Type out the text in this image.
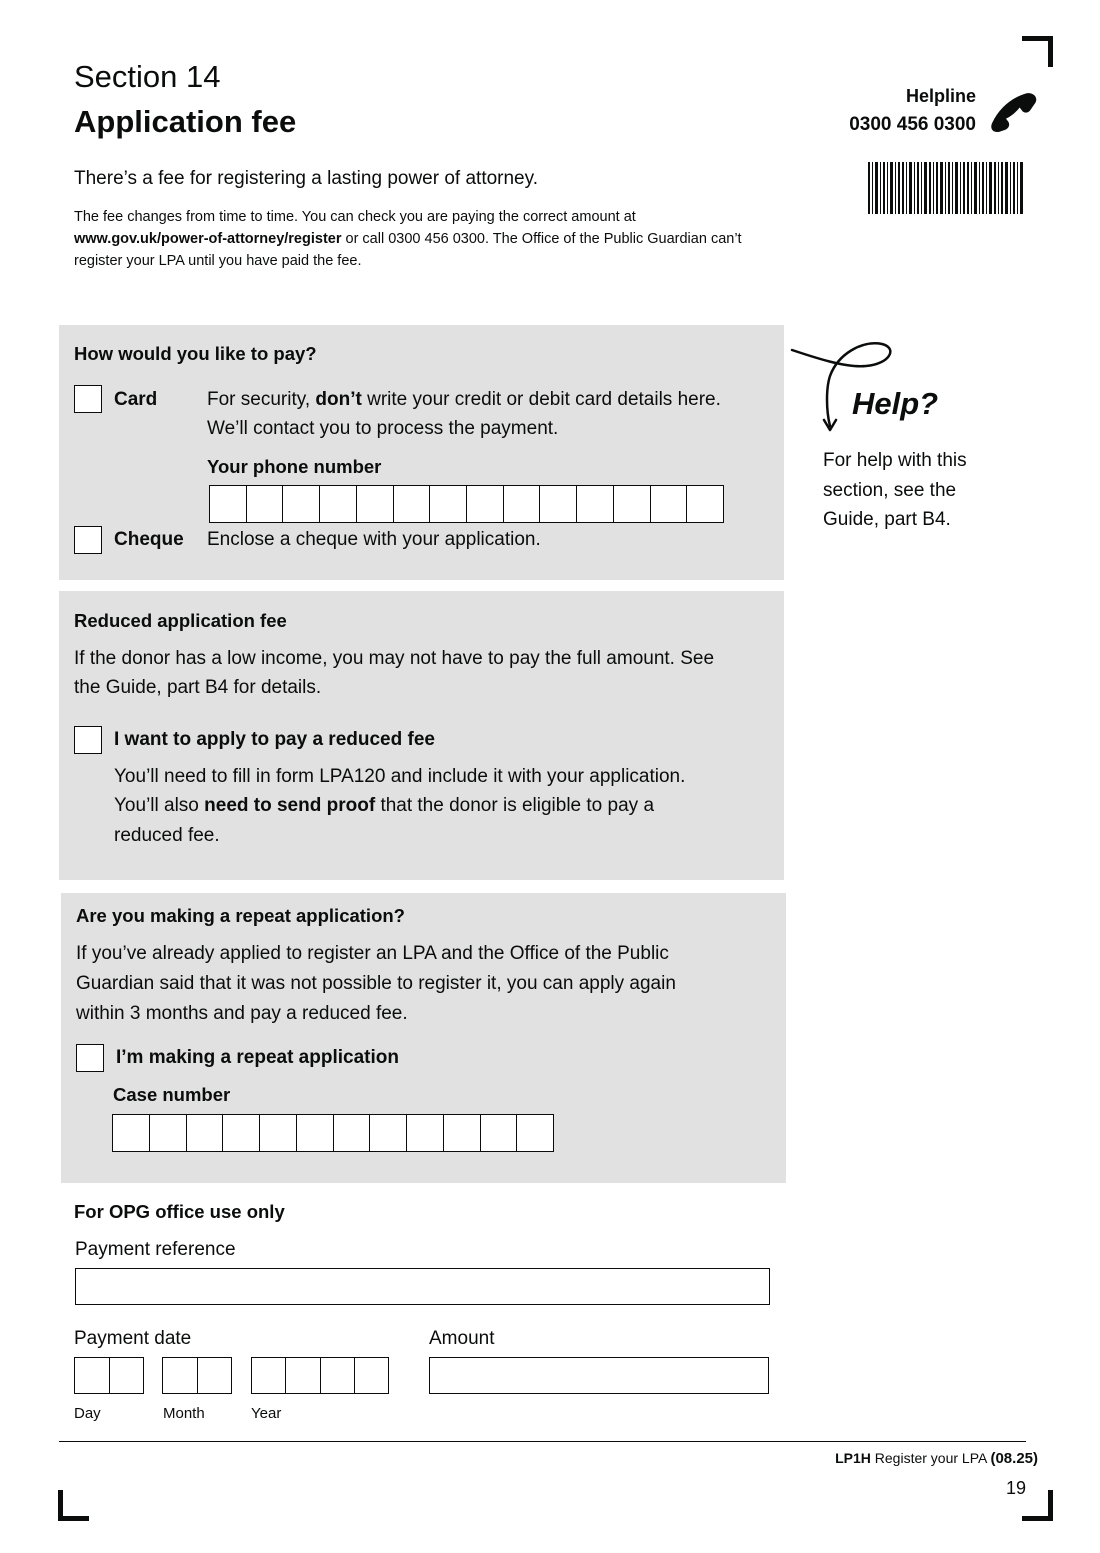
Section 14
Application fee
Helpline
0300 456 0300
There’s a fee for registering a lasting power of attorney.
The fee changes from time to time. You can check you are paying the correct amount at www.gov.uk/power-of-attorney/register or call 0300 456 0300. The Office of the Public Guardian can’t register your LPA until you have paid the fee.
How would you like to pay?
Card	For security, don’t write your credit or debit card details here.
We’ll contact you to process the payment.
Your phone number
Cheque Enclose a cheque with your application.
Reduced application fee
If the donor has a low income, you may not have to pay the full amount. See
the Guide, part B4 for details.
I want to apply to pay a reduced fee
You’ll need to fill in form LPA120 and include it with your application.
You’ll also need to send proof that the donor is eligible to pay a
reduced fee.
Are you making a repeat application?
If you’ve already applied to register an LPA and the Office of the Public
Guardian said that it was not possible to register it, you can apply again
within 3 months and pay a reduced fee.
I’m making a repeat application
Case number
For OPG office use only
Payment reference
Payment date	Amount
Day	Month	Year
Help?
For help with this section, see the Guide, part B4.
LP1H Register your LPA (08.25)
19
